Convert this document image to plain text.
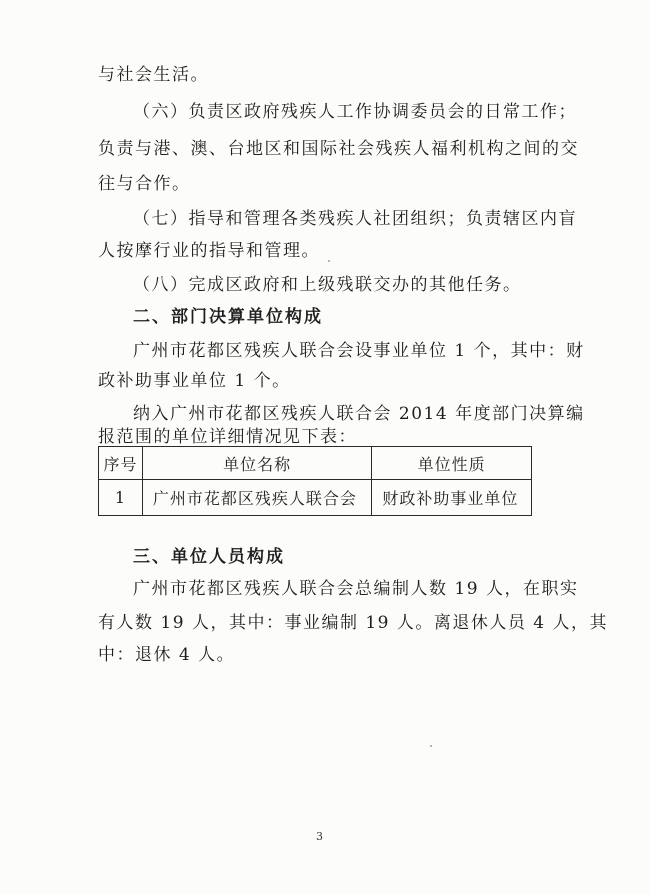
与社会生活。
（六）负责区政府残疾人工作协调委员会的日常工作；
负责与港、澳、台地区和国际社会残疾人福利机构之间的交
往与合作。
（七）指导和管理各类残疾人社团组织；负责辖区内盲
人按摩行业的指导和管理。
（八）完成区政府和上级残联交办的其他任务。
二、部门决算单位构成
广州市花都区残疾人联合会设事业单位 1 个，其中：财
政补助事业单位 1 个。
纳入广州市花都区残疾人联合会 2014 年度部门决算编
报范围的单位详细情况见下表：
序号	单位名称	单位性质
1	广州市花都区残疾人联合会	财政补助事业单位
三、单位人员构成
广州市花都区残疾人联合会总编制人数 19 人，在职实
有人数 19 人，其中：事业编制 19 人。离退休人员 4 人，其
中：退休 4 人。
3
